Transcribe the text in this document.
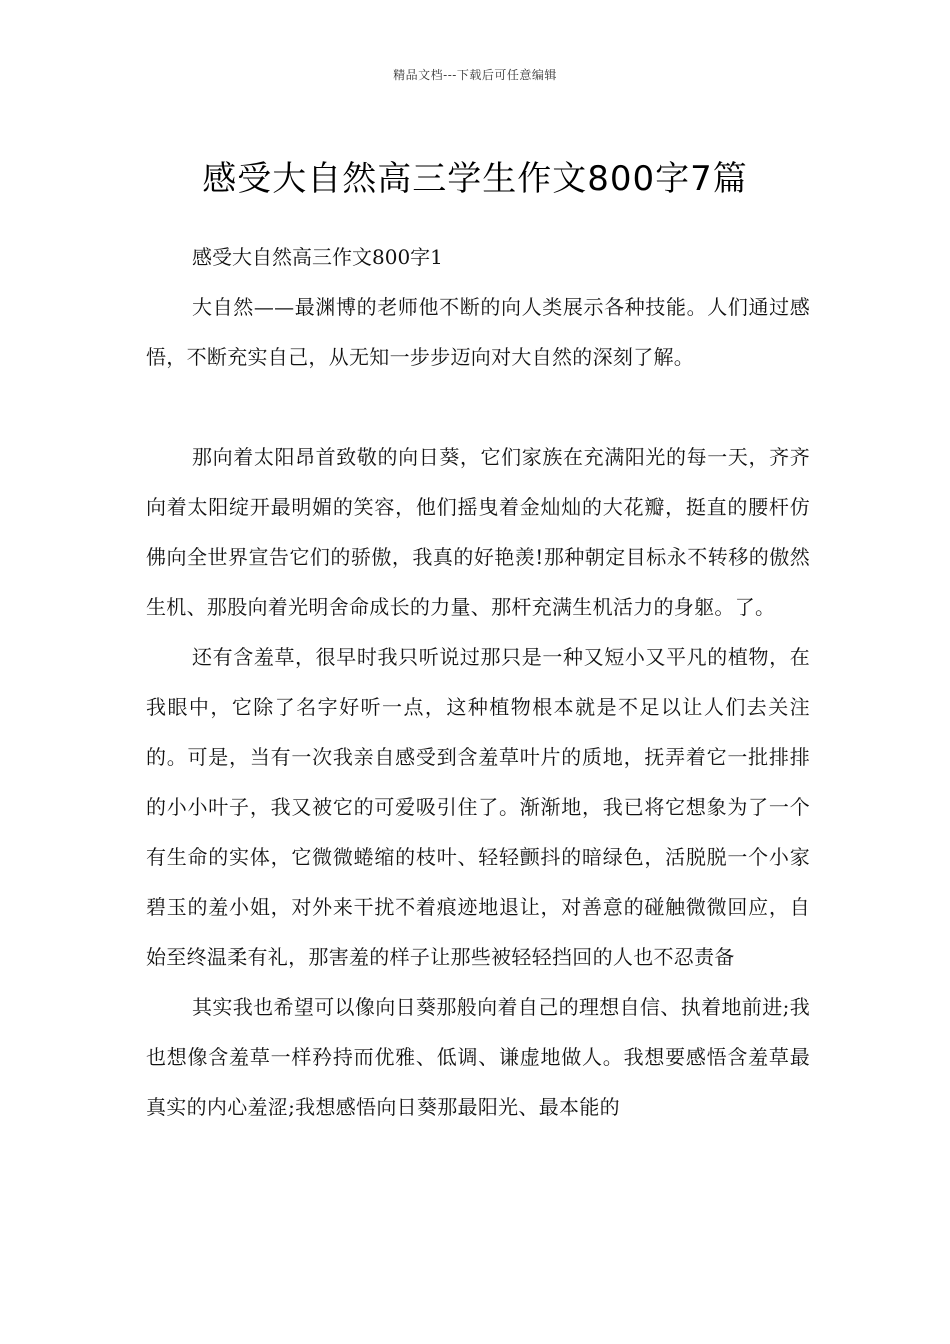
精品文档---下载后可任意编辑
感受大自然高三学生作文800字7篇

感受大自然高三作文800字1

大自然——最渊博的老师他不断的向人类展示各种技能。人们通过感悟，不断充实自己，从无知一步步迈向对大自然的深刻了解。

那向着太阳昂首致敬的向日葵，它们家族在充满阳光的每一天，齐齐向着太阳绽开最明媚的笑容，他们摇曳着金灿灿的大花瓣，挺直的腰杆仿佛向全世界宣告它们的骄傲，我真的好艳羡!那种朝定目标永不转移的傲然生机、那股向着光明舍命成长的力量、那杆充满生机活力的身躯。了。

还有含羞草，很早时我只听说过那只是一种又短小又平凡的植物，在我眼中，它除了名字好听一点，这种植物根本就是不足以让人们去关注的。可是，当有一次我亲自感受到含羞草叶片的质地，抚弄着它一批排排的小小叶子，我又被它的可爱吸引住了。渐渐地，我已将它想象为了一个有生命的实体，它微微蜷缩的枝叶、轻轻颤抖的暗绿色，活脱脱一个小家碧玉的羞小姐，对外来干扰不着痕迹地退让，对善意的碰触微微回应，自始至终温柔有礼，那害羞的样子让那些被轻轻挡回的人也不忍责备

其实我也希望可以像向日葵那般向着自己的理想自信、执着地前进;我也想像含羞草一样矜持而优雅、低调、谦虚地做人。我想要感悟含羞草最真实的内心羞涩;我想感悟向日葵那最阳光、最本能的
